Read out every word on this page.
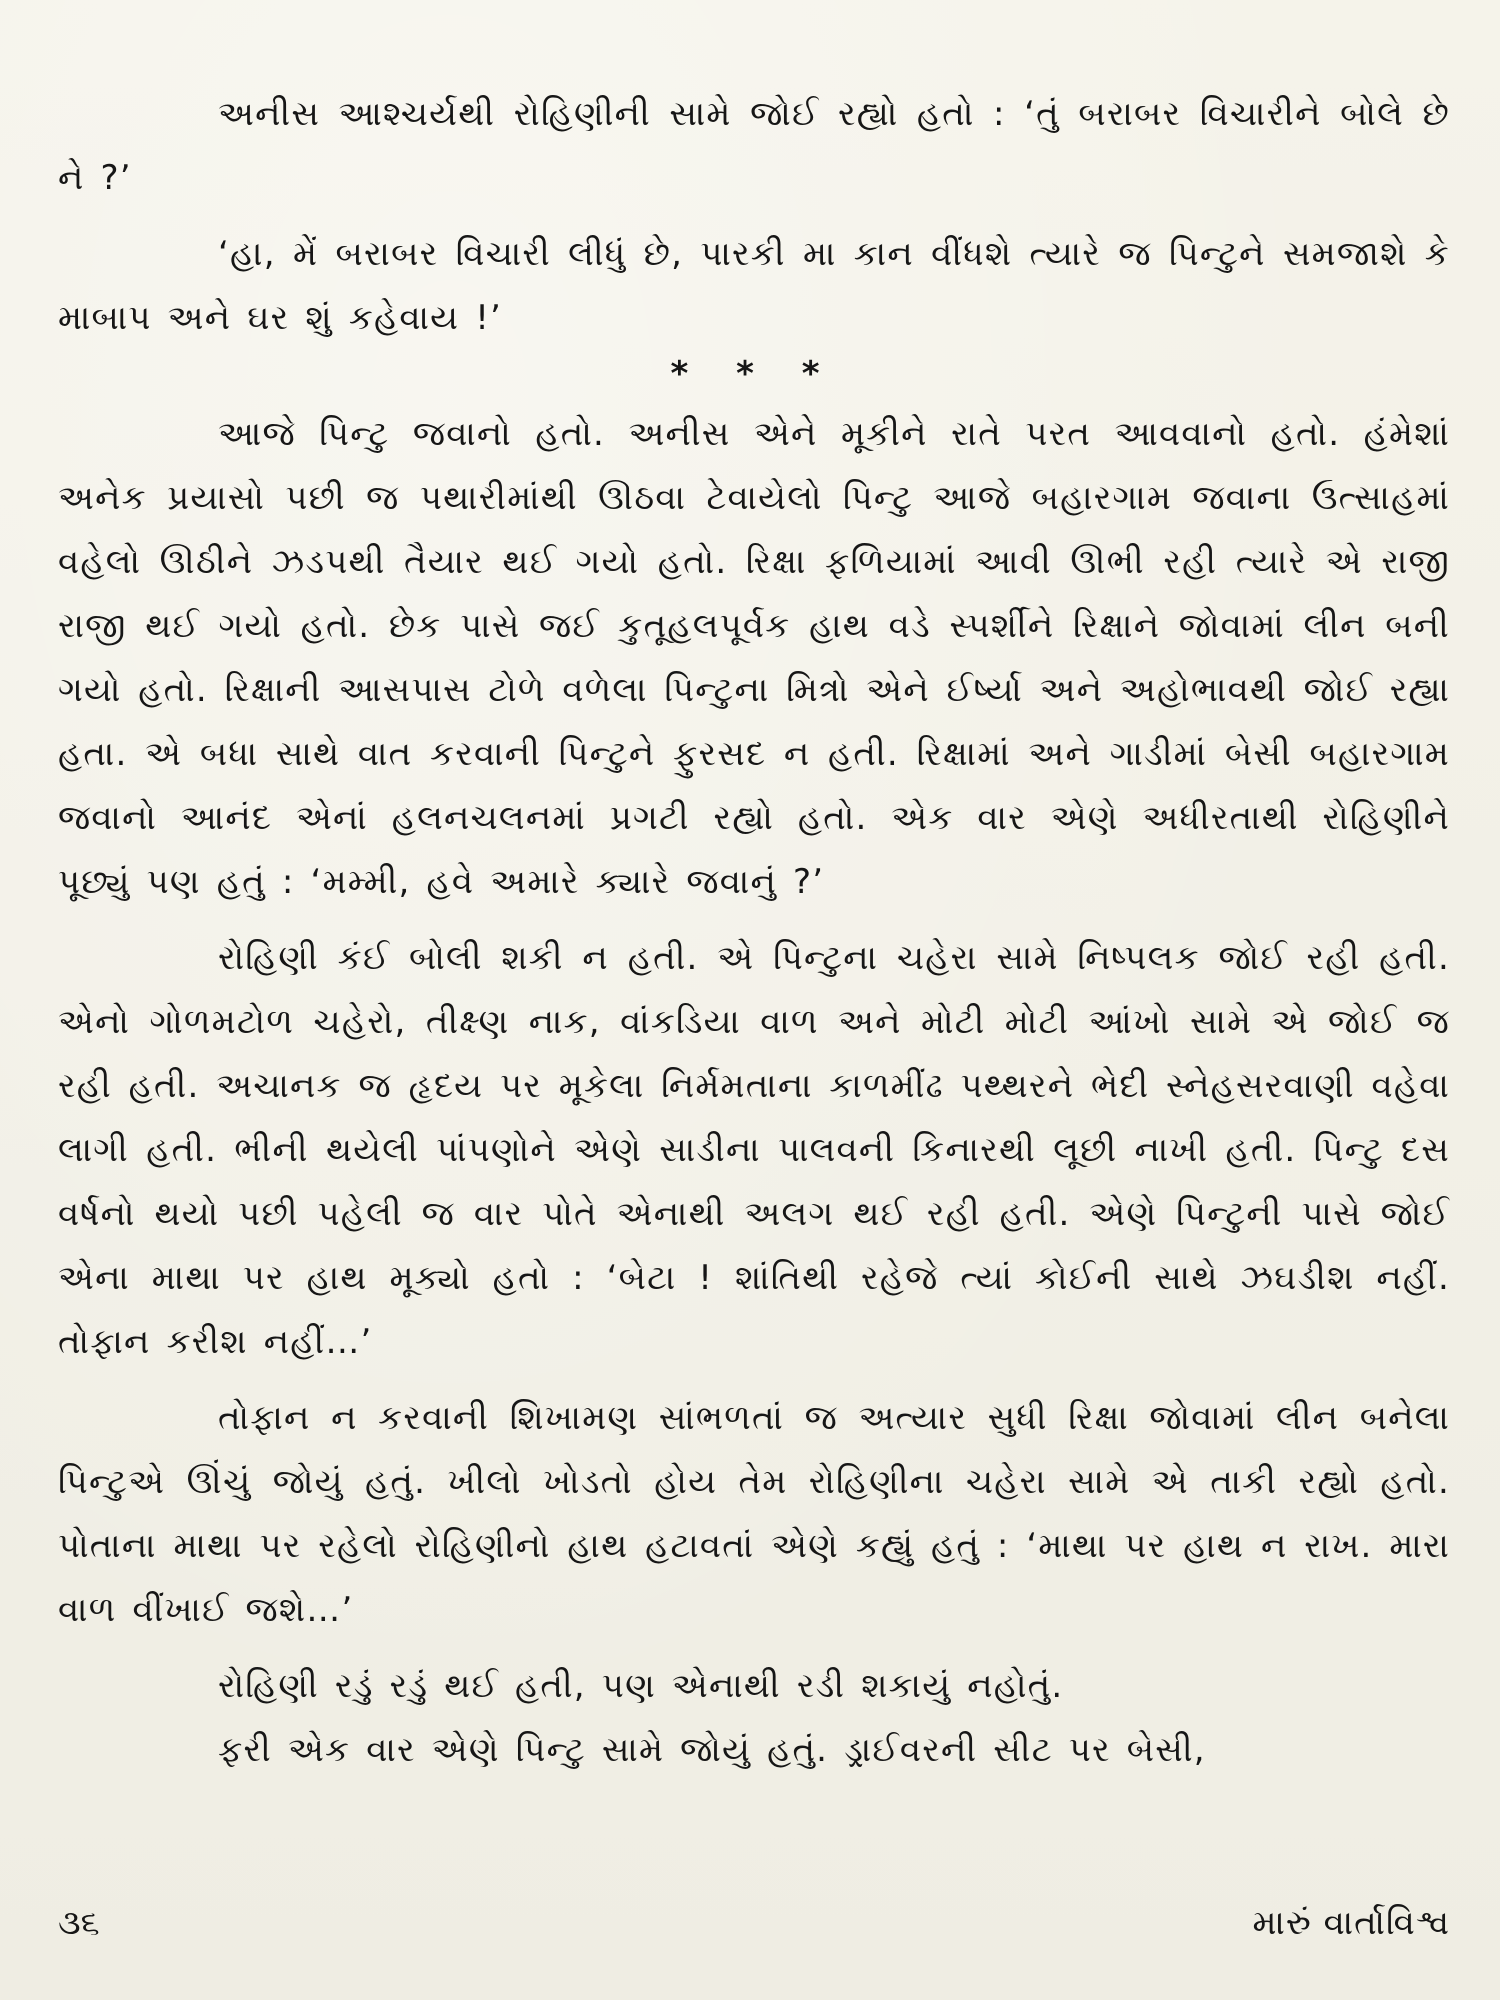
અનીસ આશ્ચર્યથી રોહિણીની સામે જોઈ રહ્યો હતો : ‘તું બરાબર વિચારીને બોલે છે ને ?’

‘હા, મેં બરાબર વિચારી લીધું છે, પારકી મા કાન વીંધશે ત્યારે જ પિન્ટુને સમજાશે કે માબાપ અને ઘર શું કહેવાય !’

* * *

આજે પિન્ટુ જવાનો હતો. અનીસ એને મૂકીને રાતે પરત આવવાનો હતો. હંમેશાં અનેક પ્રયાસો પછી જ પથારીમાંથી ઊઠવા ટેવાયેલો પિન્ટુ આજે બહારગામ જવાના ઉત્સાહમાં વહેલો ઊઠીને ઝડપથી તૈયાર થઈ ગયો હતો. રિક્ષા ફળિયામાં આવી ઊભી રહી ત્યારે એ રાજી રાજી થઈ ગયો હતો. છેક પાસે જઈ કુતૂહલપૂર્વક હાથ વડે સ્પર્શીને રિક્ષાને જોવામાં લીન બની ગયો હતો. રિક્ષાની આસપાસ ટોળે વળેલા પિન્ટુના મિત્રો એને ઈર્ષ્યા અને અહોભાવથી જોઈ રહ્યા હતા. એ બધા સાથે વાત કરવાની પિન્ટુને ફુરસદ ન હતી. રિક્ષામાં અને ગાડીમાં બેસી બહારગામ જવાનો આનંદ એનાં હલનચલનમાં પ્રગટી રહ્યો હતો. એક વાર એણે અધીરતાથી રોહિણીને પૂછ્યું પણ હતું : ‘મમ્મી, હવે અમારે ક્યારે જવાનું ?’

રોહિણી કંઈ બોલી શકી ન હતી. એ પિન્ટુના ચહેરા સામે નિષ્પલક જોઈ રહી હતી. એનો ગોળમટોળ ચહેરો, તીક્ષ્ણ નાક, વાંકડિયા વાળ અને મોટી મોટી આંખો સામે એ જોઈ જ રહી હતી. અચાનક જ હૃદય પર મૂકેલા નિર્મમતાના કાળમીંઢ પથ્થરને ભેદી સ્નેહસરવાણી વહેવા લાગી હતી. ભીની થયેલી પાંપણોને એણે સાડીના પાલવની કિનારથી લૂછી નાખી હતી. પિન્ટુ દસ વર્ષનો થયો પછી પહેલી જ વાર પોતે એનાથી અલગ થઈ રહી હતી. એણે પિન્ટુની પાસે જોઈ એના માથા પર હાથ મૂક્યો હતો : ‘બેટા ! શાંતિથી રહેજે ત્યાં કોઈની સાથે ઝઘડીશ નહીં. તોફાન કરીશ નહીં…’

તોફાન ન કરવાની શિખામણ સાંભળતાં જ અત્યાર સુધી રિક્ષા જોવામાં લીન બનેલા પિન્ટુએ ઊંચું જોયું હતું. ખીલો ખોડતો હોય તેમ રોહિણીના ચહેરા સામે એ તાકી રહ્યો હતો. પોતાના માથા પર રહેલો રોહિણીનો હાથ હટાવતાં એણે કહ્યું હતું : ‘માથા પર હાથ ન રાખ. મારા વાળ વીંખાઈ જશે…’

રોહિણી રડું રડું થઈ હતી, પણ એનાથી રડી શકાયું નહોતું.

ફરી એક વાર એણે પિન્ટુ સામે જોયું હતું. ડ્રાઈવરની સીટ પર બેસી,

૩૬	મારું વાર્તાવિશ્વ
